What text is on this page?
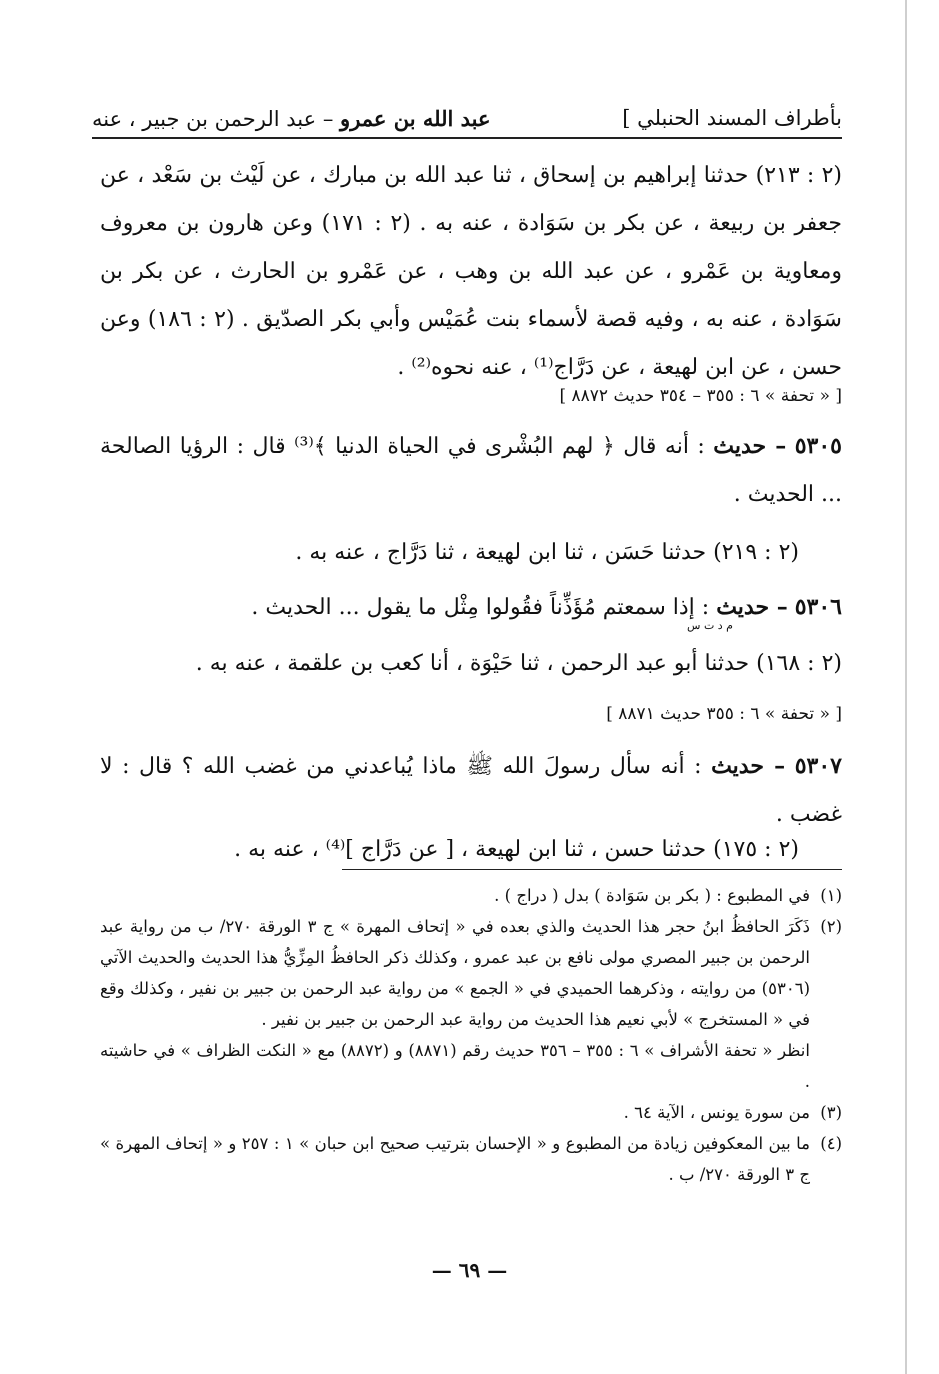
بأطراف المسند الحنبلي ]
عبد الله بن عمرو – عبد الرحمن بن جبير ، عنه
(٢ : ٢١٣) حدثنا إبراهيم بن إسحاق ، ثنا عبد الله بن مبارك ، عن لَيْث بن سَعْد ، عن جعفر بن ربيعة ، عن بكر بن سَوَادة ، عنه به . (٢ : ١٧١) وعن هارون بن معروف ومعاوية بن عَمْرو ، عن عبد الله بن وهب ، عن عَمْرو بن الحارث ، عن بكر بن سَوَادة ، عنه به ، وفيه قصة لأسماء بنت عُمَيْس وأبي بكر الصدّيق . (٢ : ١٨٦) وعن حسن ، عن ابن لهيعة ، عن دَرَّاج⁽¹⁾ ، عنه نحوه⁽²⁾ .
[ « تحفة » ٦ : ٣٥٥ – ٣٥٤ حديث ٨٨٧٢ ]
٥٣٠٥ – حديث : أنه قال ﴿ لهم البُشْرى في الحياة الدنيا ﴾⁽³⁾ قال : الرؤيا الصالحة ... الحديث .
(٢ : ٢١٩) حدثنا حَسَن ، ثنا ابن لهيعة ، ثنا دَرَّاج ، عنه به .
٥٣٠٦ – حديث : إذا سمعتم مُؤَذِّناً فقُولوا مِثْل ما يقول ... الحديث .
م د ت س
(٢ : ١٦٨) حدثنا أبو عبد الرحمن ، ثنا حَيْوَة ، أنا كعب بن علقمة ، عنه به .
[ « تحفة » ٦ : ٣٥٥ حديث ٨٨٧١ ]
٥٣٠٧ – حديث : أنه سأل رسولَ الله ﷺ ماذا يُباعدني من غضب الله ؟ قال : لا غضب .
(٢ : ١٧٥) حدثنا حسن ، ثنا ابن لهيعة ، [ عن دَرَّاج ]⁽⁴⁾ ، عنه به .
(١)
في المطبوع : ( بكر بن سَوَادة ) بدل ( دراج ) .
(٢)
ذَكَرَ الحافظُ ابنُ حجر هذا الحديث والذي بعده في « إتحاف المهرة » ج ٣ الورقة ٢٧٠/ ب من رواية عبد الرحمن بن جبير المصري مولى نافع بن عبد عمرو ، وكذلك ذكر الحافظُ المِزِّيُّ هذا الحديث والحديث الآتي (٥٣٠٦) من روايته ، وذكرهما الحميدي في « الجمع » من رواية عبد الرحمن بن جبير بن نفير ، وكذلك وقع في « المستخرج » لأبي نعيم هذا الحديث من رواية عبد الرحمن بن جبير بن نفير .
انظر « تحفة الأشراف » ٦ : ٣٥٥ – ٣٥٦ حديث رقم (٨٨٧١) و (٨٨٧٢) مع « النكت الظراف » في حاشيته .
(٣)
من سورة يونس ، الآية ٦٤ .
(٤)
ما بين المعكوفين زيادة من المطبوع و « الإحسان بترتيب صحيح ابن حبان » ١ : ٢٥٧ و « إتحاف المهرة » ج ٣ الورقة ٢٧٠/ ب .
— ٦٩ —
